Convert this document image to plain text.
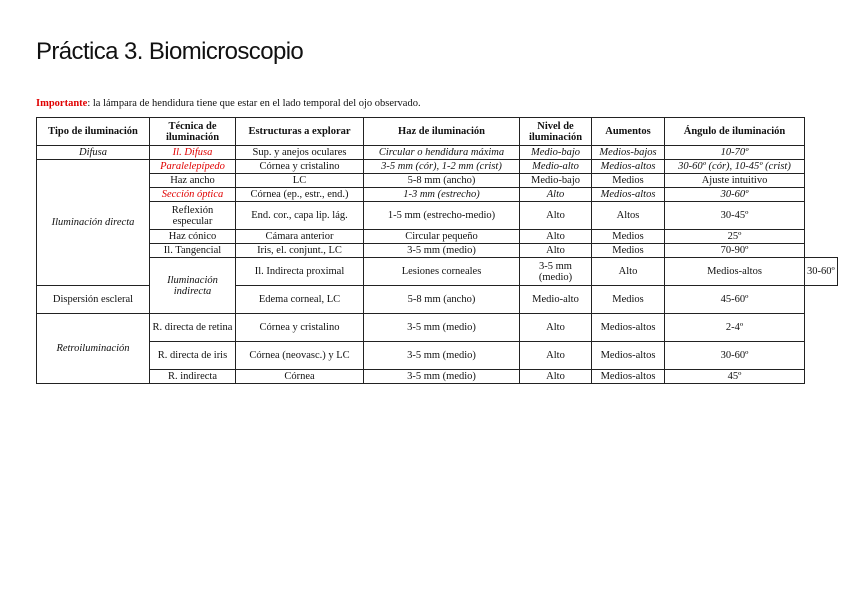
Práctica 3. Biomicroscopio
Importante: la lámpara de hendidura tiene que estar en el lado temporal del ojo observado.
Tipo de iluminación	Técnica de iluminación	Estructuras a explorar	Haz de iluminación	Nivel de iluminación	Aumentos	Ángulo de iluminación	
Difusa	Il. Difusa	Sup. y anejos oculares	Circular o hendidura máxima	Medio-bajo	Medios-bajos	10-70º	
Iluminación directa	Paralelepípedo	Córnea y cristalino	3-5 mm (cór), 1-2 mm (crist)	Medio-alto	Medios-altos	30-60º (cór), 10-45º (crist)	
	Haz ancho	LC	5-8 mm (ancho)	Medio-bajo	Medios	Ajuste intuitivo	
	Sección óptica	Córnea (ep., estr., end.)	1-3 mm (estrecho)	Alto	Medios-altos	30-60º	
	Reflexión especular	End. cor., capa lip. lág.	1-5 mm (estrecho-medio)	Alto	Altos	30-45º	
	Haz cónico	Cámara anterior	Circular pequeño	Alto	Medios	25º	
	Il. Tangencial	Iris, el. conjunt., LC	3-5 mm (medio)	Alto	Medios	70-90º	
	Iluminación indirecta	Il. Indirecta proximal	Lesiones corneales	3-5 mm (medio)	Alto	Medios-altos	30-60º
Dispersión escleral		Edema corneal, LC	5-8 mm (ancho)	Medio-alto	Medios	45-60º	
Retroiluminación	R. directa de retina	Córnea y cristalino	3-5 mm (medio)	Alto	Medios-altos	2-4º	
	R. directa de iris	Córnea (neovasc.) y LC	3-5 mm (medio)	Alto	Medios-altos	30-60º	
	R. indirecta	Córnea	3-5 mm (medio)	Alto	Medios-altos	45º	
